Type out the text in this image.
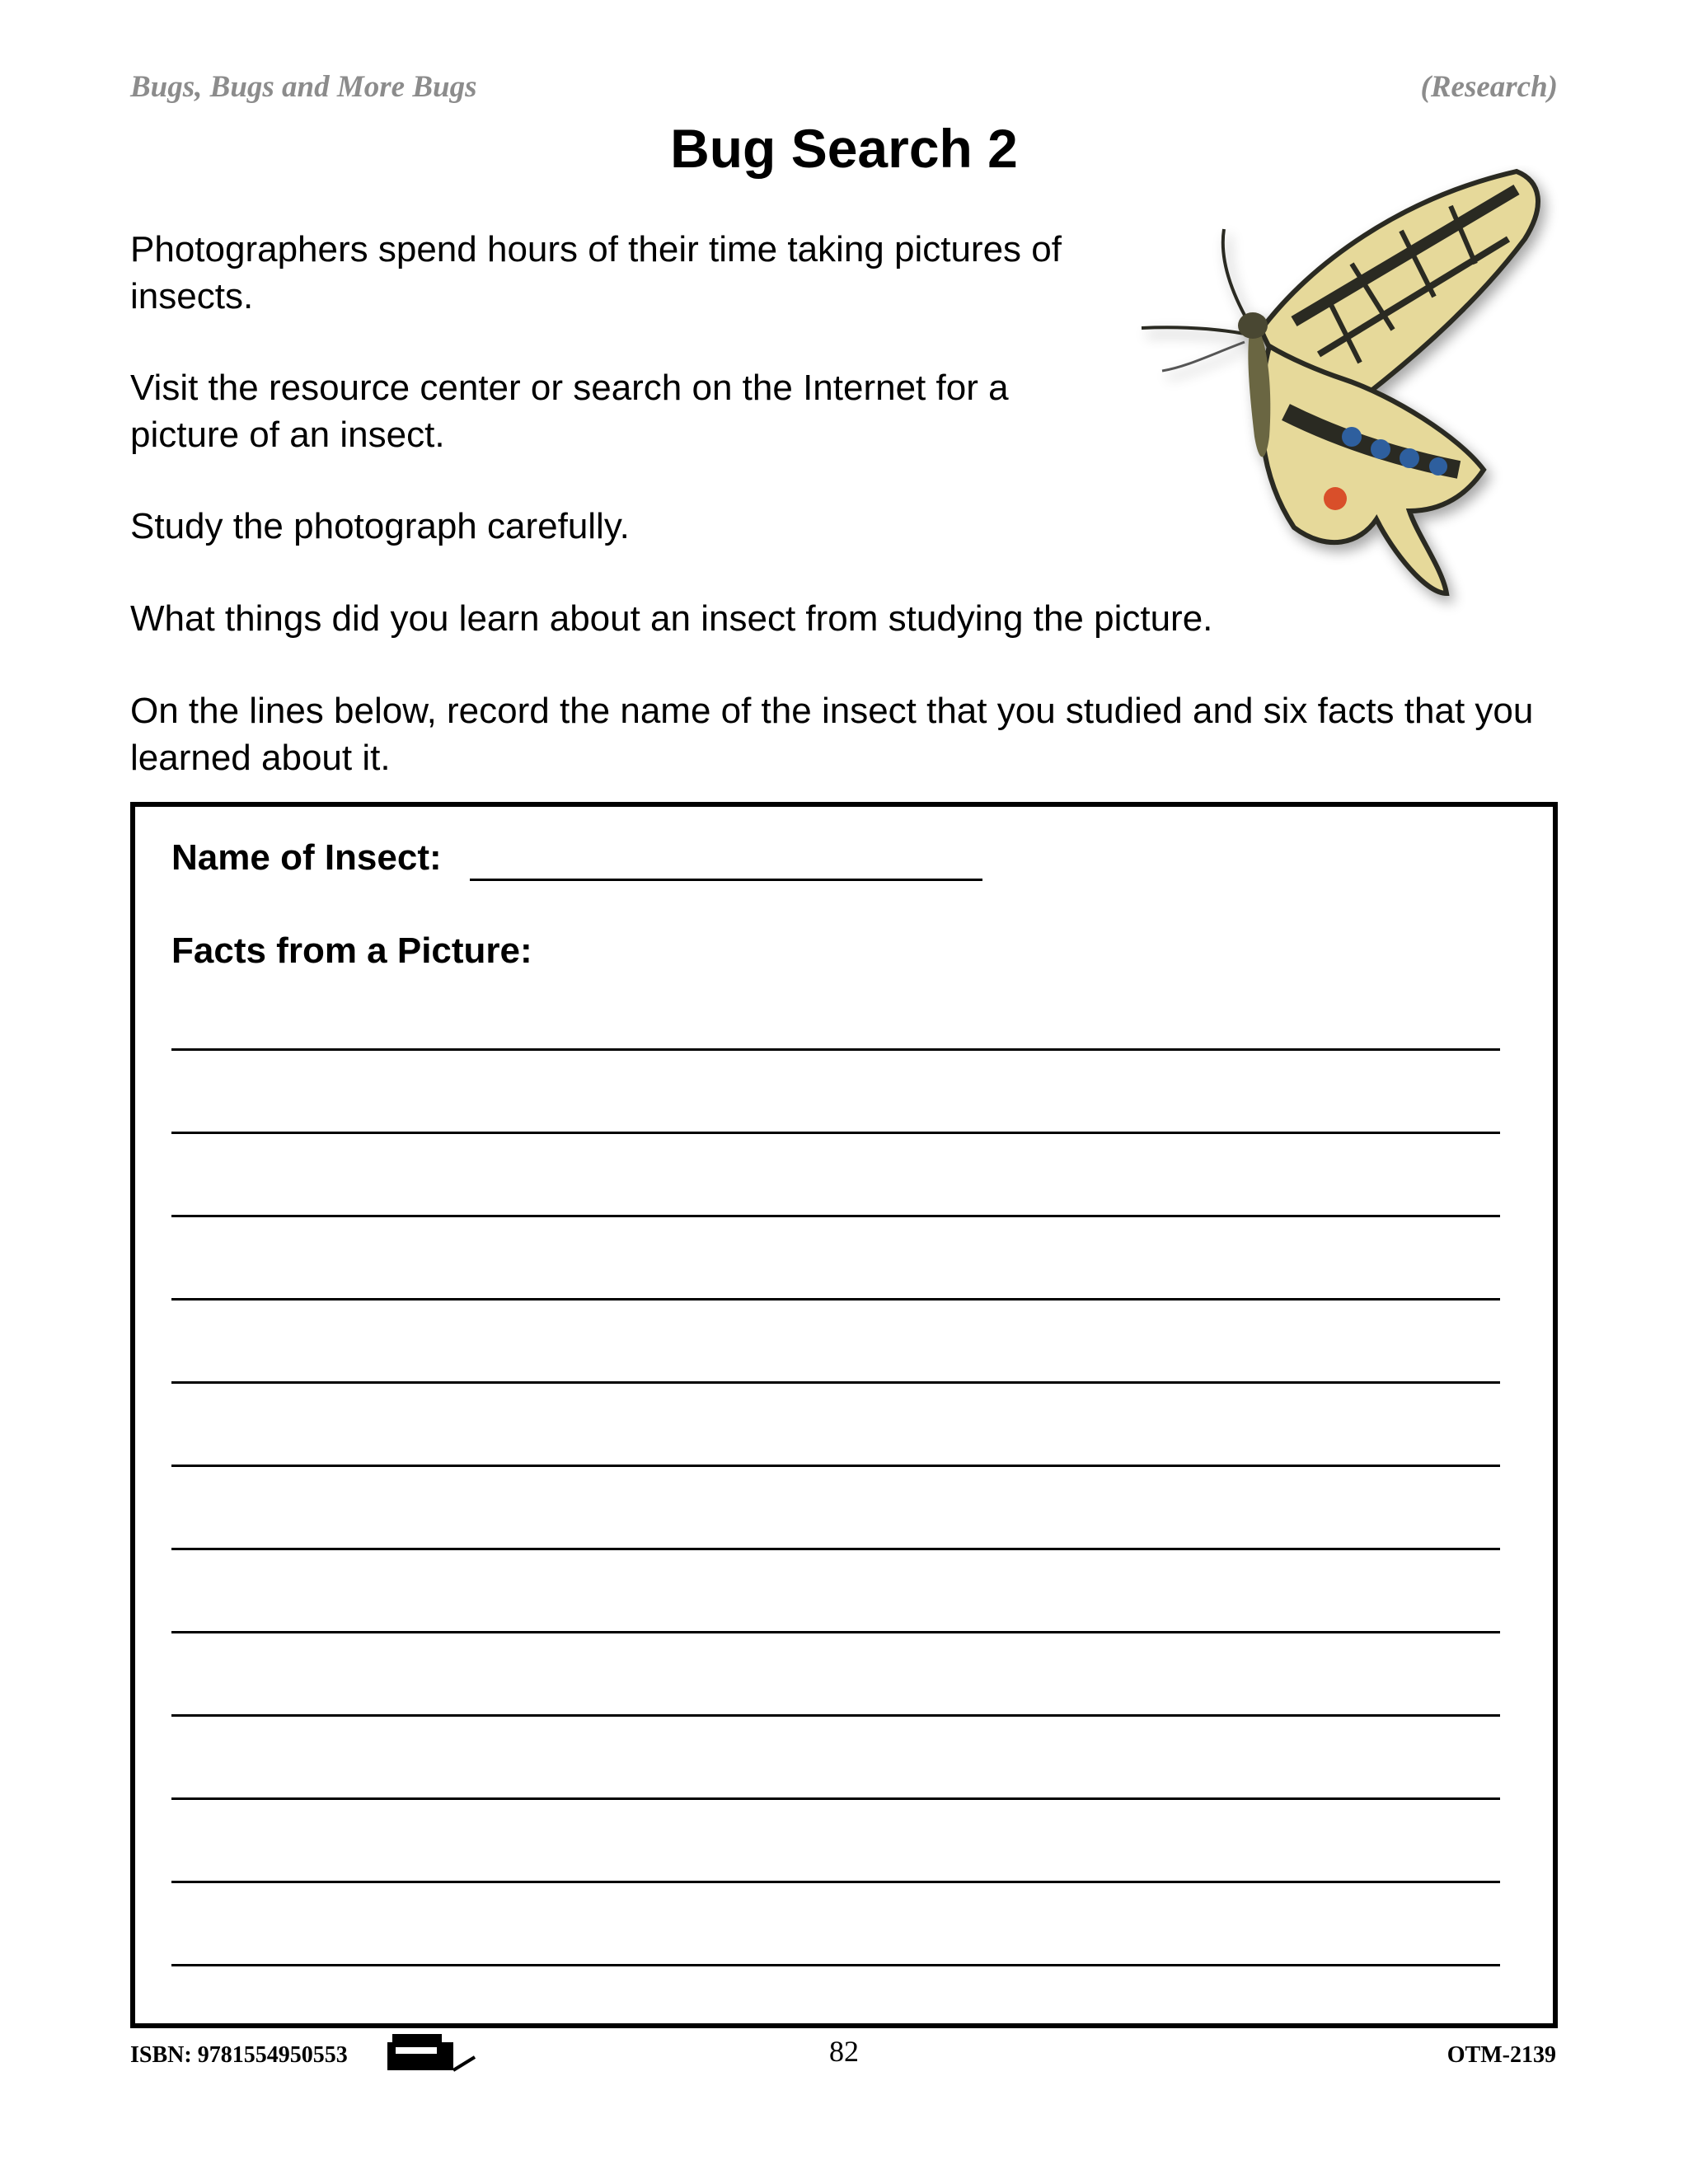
Bugs, Bugs and More Bugs	(Research)
Bug Search 2
Photographers spend hours of their time taking pictures of insects.
Visit the resource center or search on the Internet for a picture of an insect.
Study the photograph carefully.
What things did you learn about an insect from studying the picture.
On the lines below, record the name of the insect that you studied and six facts that you learned about it.
Name of Insect:
Facts from a Picture:
ISBN: 9781554950553	82	OTM-2139
